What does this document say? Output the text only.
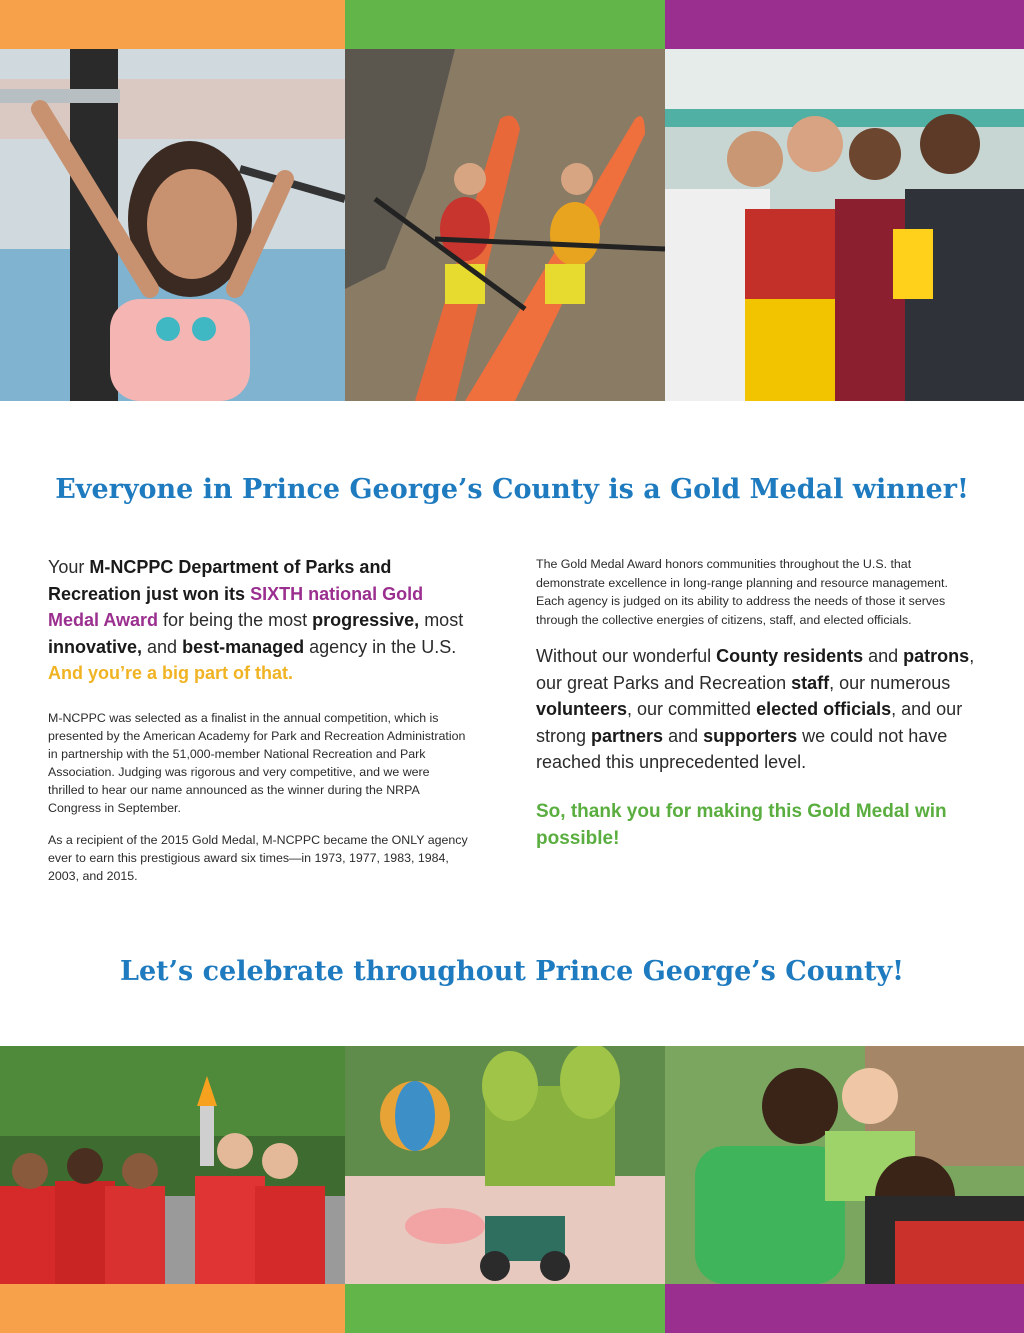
Everyone in Prince George’s County is a Gold Medal winner!

Your M-NCPPC Department of Parks and Recreation just won its SIXTH national Gold Medal Award for being the most progressive, most innovative, and best-managed agency in the U.S. And you’re a big part of that.

M-NCPPC was selected as a finalist in the annual competition, which is presented by the American Academy for Park and Recreation Administration in partnership with the 51,000-member National Recreation and Park Association. Judging was rigorous and very competitive, and we were thrilled to hear our name announced as the winner during the NRPA Congress in September.

As a recipient of the 2015 Gold Medal, M-NCPPC became the ONLY agency ever to earn this prestigious award six times—in 1973, 1977, 1983, 1984, 2003, and 2015.

The Gold Medal Award honors communities throughout the U.S. that demonstrate excellence in long-range planning and resource management. Each agency is judged on its ability to address the needs of those it serves through the collective energies of citizens, staff, and elected officials.

Without our wonderful County residents and patrons, our great Parks and Recreation staff, our numerous volunteers, our committed elected officials, and our strong partners and supporters we could not have reached this unprecedented level.

So, thank you for making this Gold Medal win possible!

Let’s celebrate throughout Prince George’s County!
